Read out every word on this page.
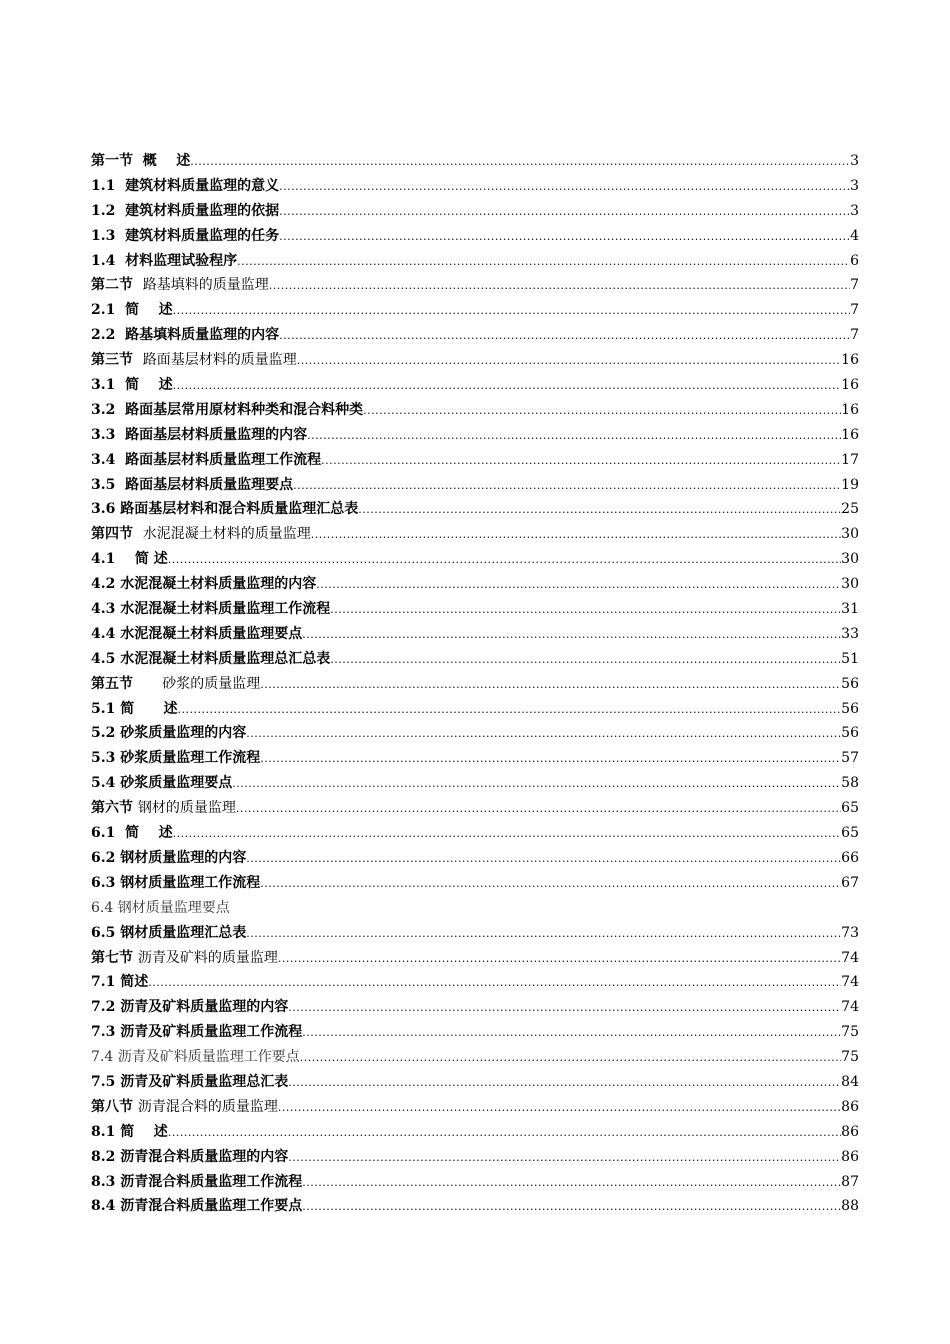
第一节 概    述 .....	3
1.1 建筑材料质量监理的意义 .....	3
1.2 建筑材料质量监理的依据 .....	3
1.3 建筑材料质量监理的任务 .....	4
1.4 材料监理试验程序 .....	6
第二节 路基填料的质量监理 .....	7
2.1 简    述 .....	7
2.2 路基填料质量监理的内容 .....	7
第三节 路面基层材料的质量监理 .....	16
3.1 简    述 .....	16
3.2 路面基层常用原材料种类和混合料种类 .....	16
3.3 路面基层材料质量监理的内容 .....	16
3.4 路面基层材料质量监理工作流程 .....	17
3.5 路面基层材料质量监理要点 .....	19
3.6 路面基层材料和混合料质量监理汇总表 .....	25
第四节 水泥混凝土材料的质量监理 .....	30
4.1 简 述 .....	30
4.2 水泥混凝土材料质量监理的内容 .....	30
4.3 水泥混凝土材料质量监理工作流程 .....	31
4.4 水泥混凝土材料质量监理要点 .....	33
4.5 水泥混凝土材料质量监理总汇总表 .....	51
第五节 砂浆的质量监理 .....	56
5.1 简      述 .....	56
5.2 砂浆质量监理的内容 .....	56
5.3 砂浆质量监理工作流程 .....	57
5.4 砂浆质量监理要点 .....	58
第六节 钢材的质量监理 .....	65
6.1 简    述 .....	65
6.2 钢材质量监理的内容 .....	66
6.3 钢材质量监理工作流程 .....	67
6.4 钢材质量监理要点
6.5 钢材质量监理汇总表 .....	73
第七节 沥青及矿料的质量监理 .....	74
7.1 简述 .....	74
7.2 沥青及矿料质量监理的内容 .....	74
7.3 沥青及矿料质量监理工作流程 .....	75
7.4 沥青及矿料质量监理工作要点 .....	75
7.5 沥青及矿料质量监理总汇表 .....	84
第八节 沥青混合料的质量监理 .....	86
8.1 简    述 .....	86
8.2 沥青混合料质量监理的内容 .....	86
8.3 沥青混合料质量监理工作流程 .....	87
8.4 沥青混合料质量监理工作要点 .....	88
